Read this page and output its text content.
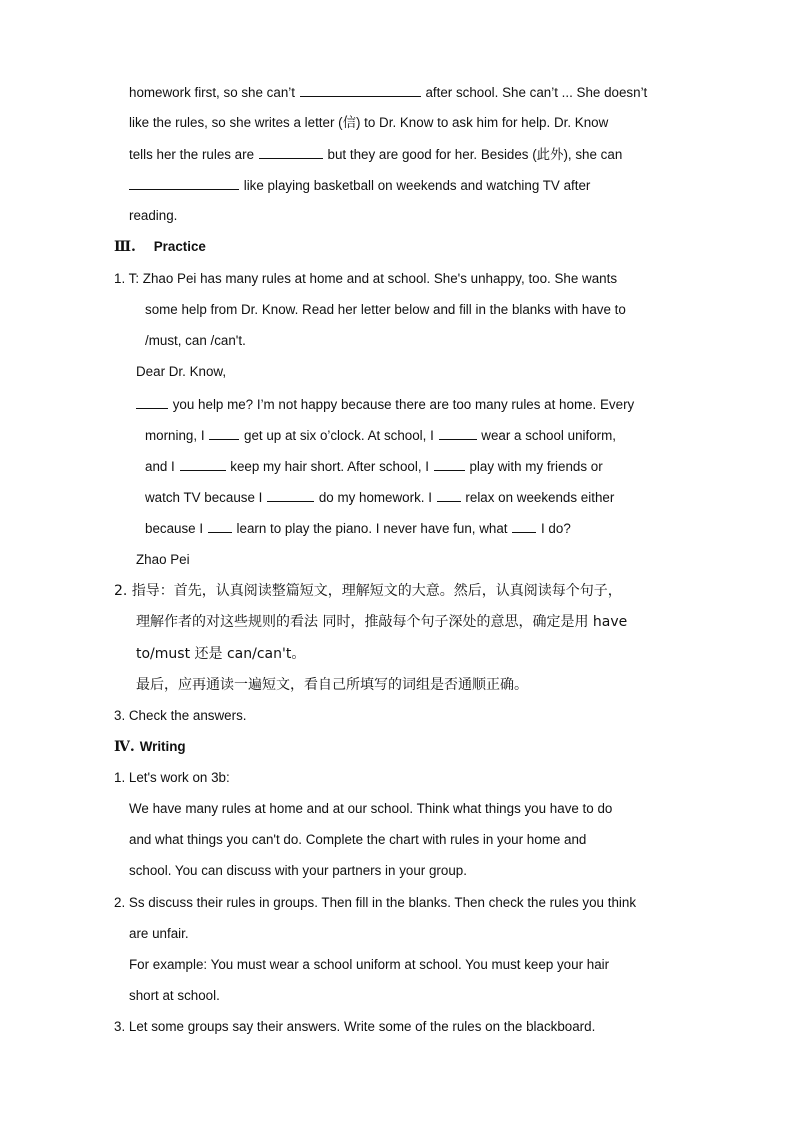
homework first, so she can’t	after school. She can’t ... She doesn’t
like the rules, so she writes a letter (信) to Dr. Know to ask him for help. Dr. Know
tells her the rules are	but they are good for her. Besides (此外), she can
like playing basketball on weekends and watching TV after
reading.
Ⅲ. Practice
1. T: Zhao Pei has many rules at home and at school. She's unhappy, too. She wants
some help from Dr. Know. Read her letter below and fill in the blanks with have to
/must, can /can't.
Dear Dr. Know,
you help me? I’m not happy because there are too many rules at home. Every
morning, I	get up at six o’clock. At school, I	wear a school uniform,
and I	keep my hair short. After school, I	play with my friends or
watch TV because I	do my homework. I relax on weekends either
because I learn to play the piano. I never have fun, what I do?
Zhao Pei
2. 指导：首先，认真阅读整篇短文，理解短文的大意。然后，认真阅读每个句子，
理解作者的对这些规则的看法 同时，推敲每个句子深处的意思，确定是用 have
to/must 还是 can/can't。
最后，应再通读一遍短文，看自己所填写的词组是否通顺正确。
3. Check the answers.
Ⅳ. Writing
1. Let's work on 3b:
We have many rules at home and at our school. Think what things you have to do
and what things you can't do. Complete the chart with rules in your home and
school. You can discuss with your partners in your group.
2. Ss discuss their rules in groups. Then fill in the blanks. Then check the rules you think
are unfair.
For example: You must wear a school uniform at school. You must keep your hair
short at school.
3. Let some groups say their answers. Write some of the rules on the blackboard.
